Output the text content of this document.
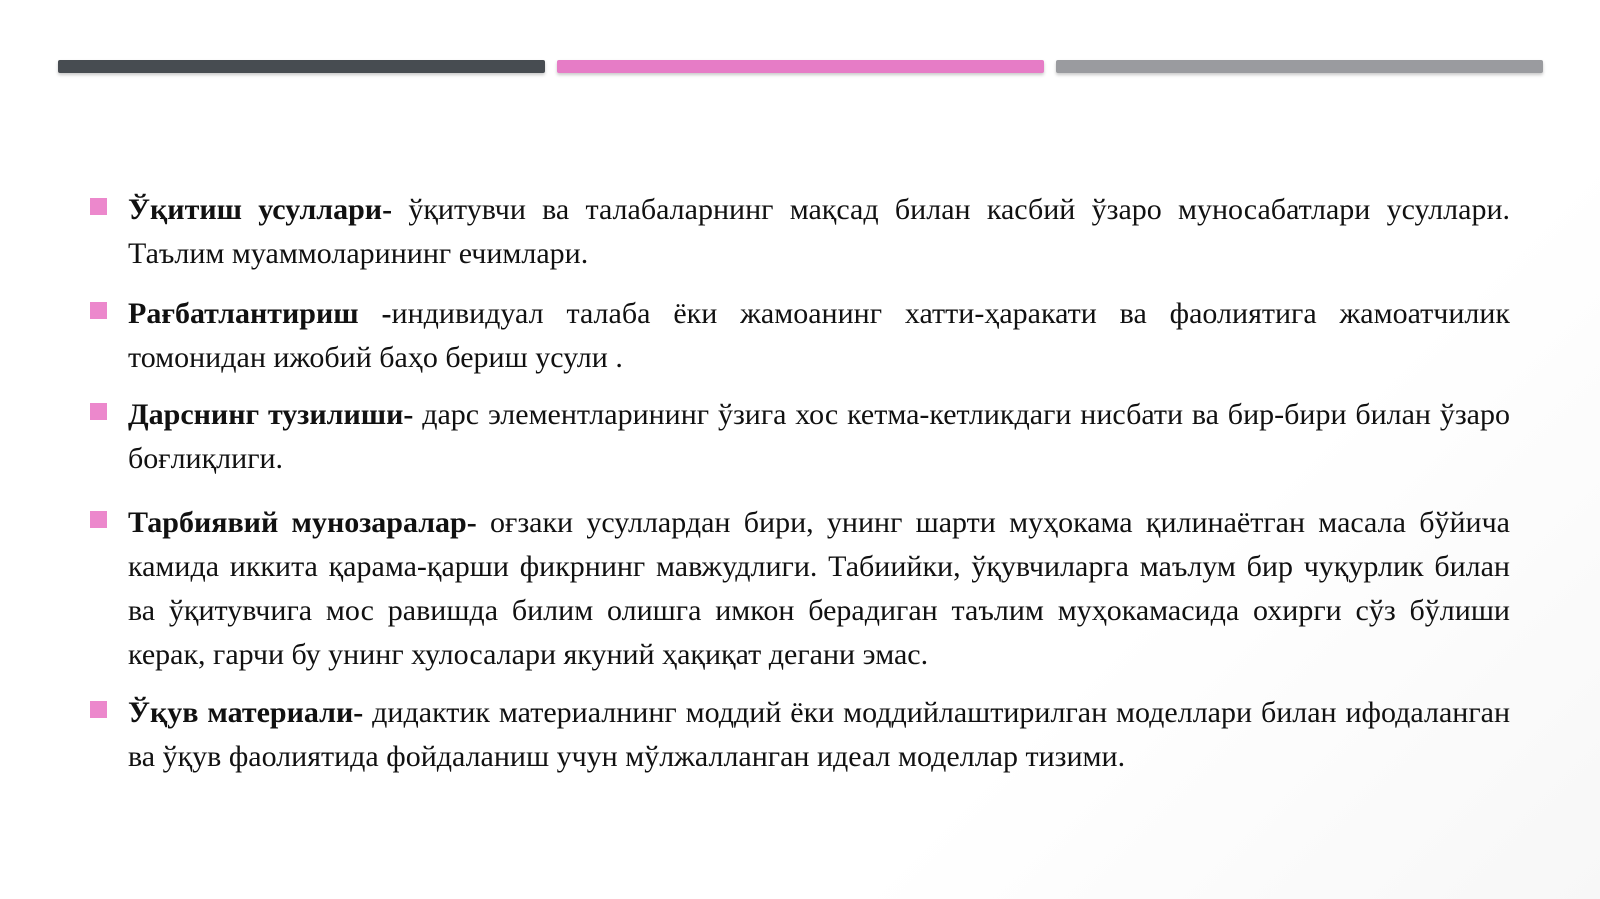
Ўқитиш усуллари- ўқитувчи ва талабаларнинг мақсад билан касбий ўзаро муносабатлари усуллари. Таълим муаммоларининг ечимлари.
Рағбатлантириш -индивидуал талаба ёки жамоанинг хатти-ҳаракати ва фаолиятига жамоатчилик томонидан ижобий баҳо бериш усули .
Дарснинг тузилиши- дарс элементларининг ўзига хос кетма-кетликдаги нисбати ва бир-бири билан ўзаро боғлиқлиги.
Тарбиявий мунозаралар- оғзаки усуллардан бири, унинг шарти муҳокама қилинаётган масала бўйича камида иккита қарама-қарши фикрнинг мавжудлиги. Табиийки, ўқувчиларга маълум бир чуқурлик билан ва ўқитувчига мос равишда билим олишга имкон берадиган таълим муҳокамасида охирги сўз бўлиши керак, гарчи бу унинг хулосалари якуний ҳақиқат дегани эмас.
Ўқув материали- дидактик материалнинг моддий ёки моддийлаштирилган моделлари билан ифодаланган ва ўқув фаолиятида фойдаланиш учун мўлжалланган идеал моделлар тизими.
